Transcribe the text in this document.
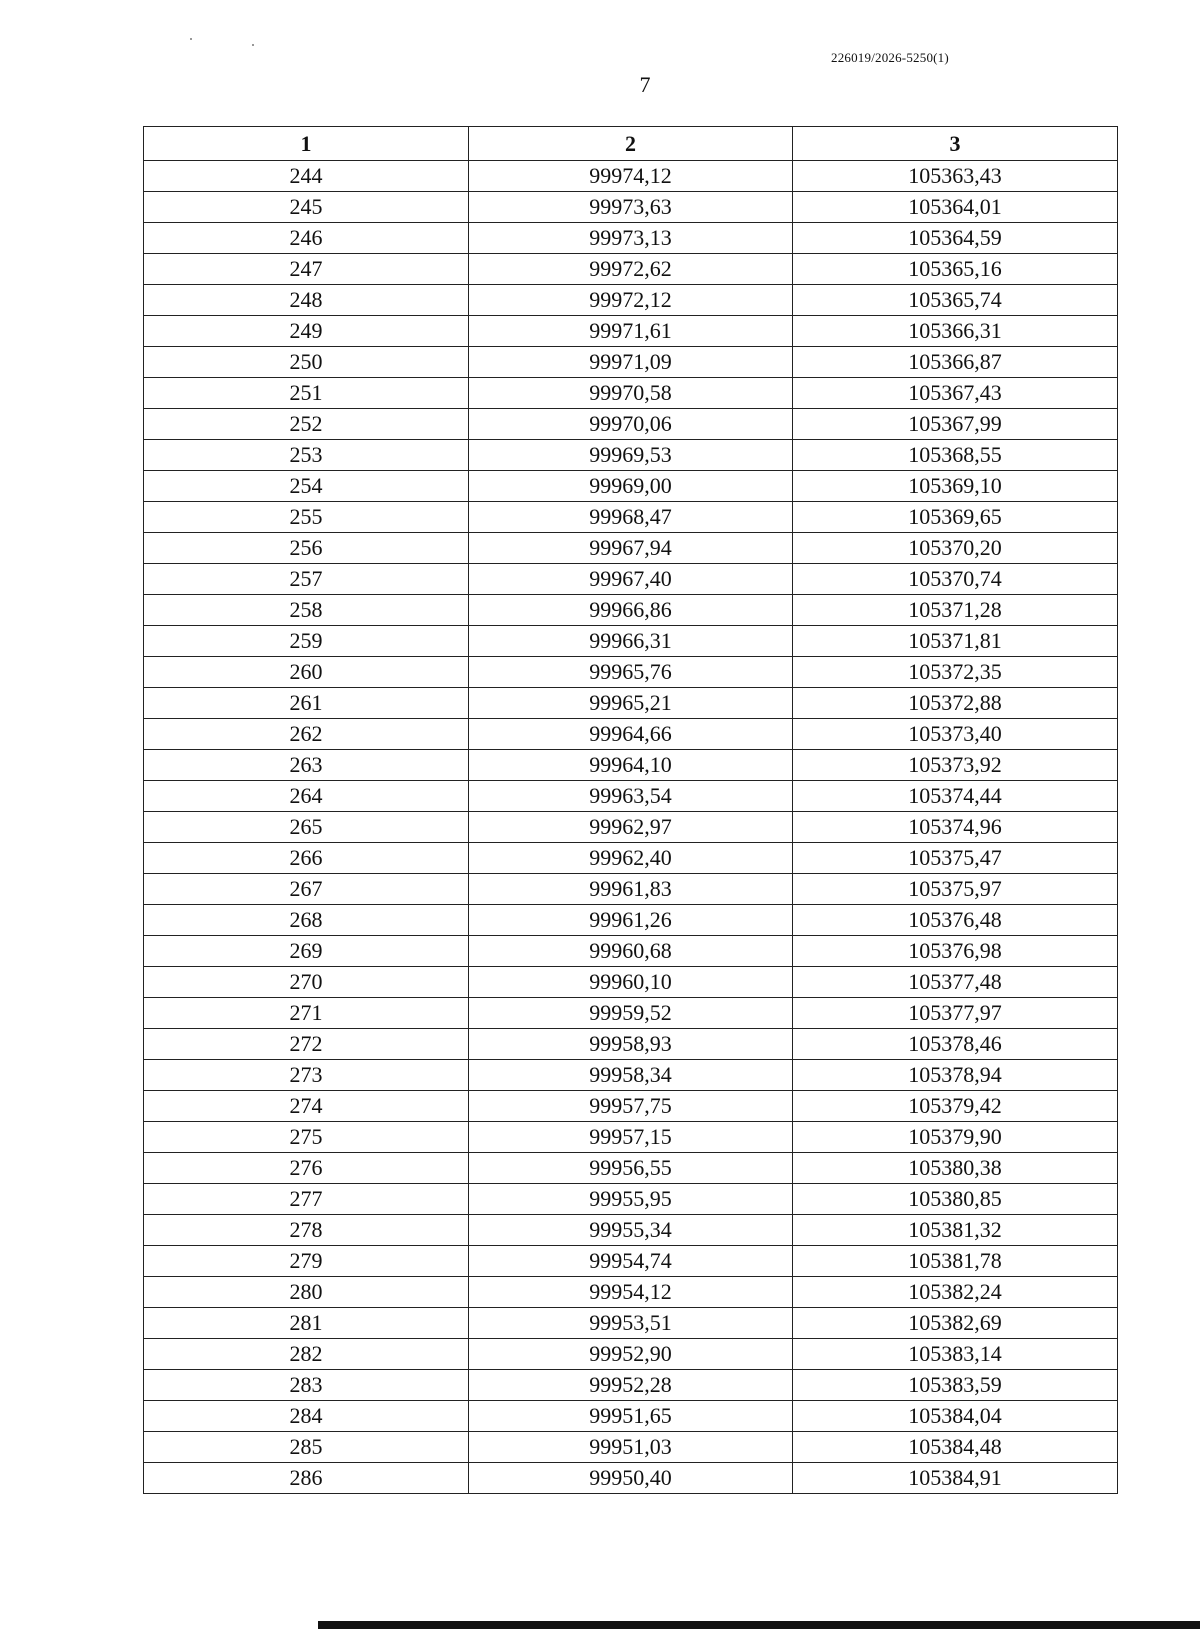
226019/2026-5250(1)
7
1	2	3
244	99974,12	105363,43
245	99973,63	105364,01
246	99973,13	105364,59
247	99972,62	105365,16
248	99972,12	105365,74
249	99971,61	105366,31
250	99971,09	105366,87
251	99970,58	105367,43
252	99970,06	105367,99
253	99969,53	105368,55
254	99969,00	105369,10
255	99968,47	105369,65
256	99967,94	105370,20
257	99967,40	105370,74
258	99966,86	105371,28
259	99966,31	105371,81
260	99965,76	105372,35
261	99965,21	105372,88
262	99964,66	105373,40
263	99964,10	105373,92
264	99963,54	105374,44
265	99962,97	105374,96
266	99962,40	105375,47
267	99961,83	105375,97
268	99961,26	105376,48
269	99960,68	105376,98
270	99960,10	105377,48
271	99959,52	105377,97
272	99958,93	105378,46
273	99958,34	105378,94
274	99957,75	105379,42
275	99957,15	105379,90
276	99956,55	105380,38
277	99955,95	105380,85
278	99955,34	105381,32
279	99954,74	105381,78
280	99954,12	105382,24
281	99953,51	105382,69
282	99952,90	105383,14
283	99952,28	105383,59
284	99951,65	105384,04
285	99951,03	105384,48
286	99950,40	105384,91
